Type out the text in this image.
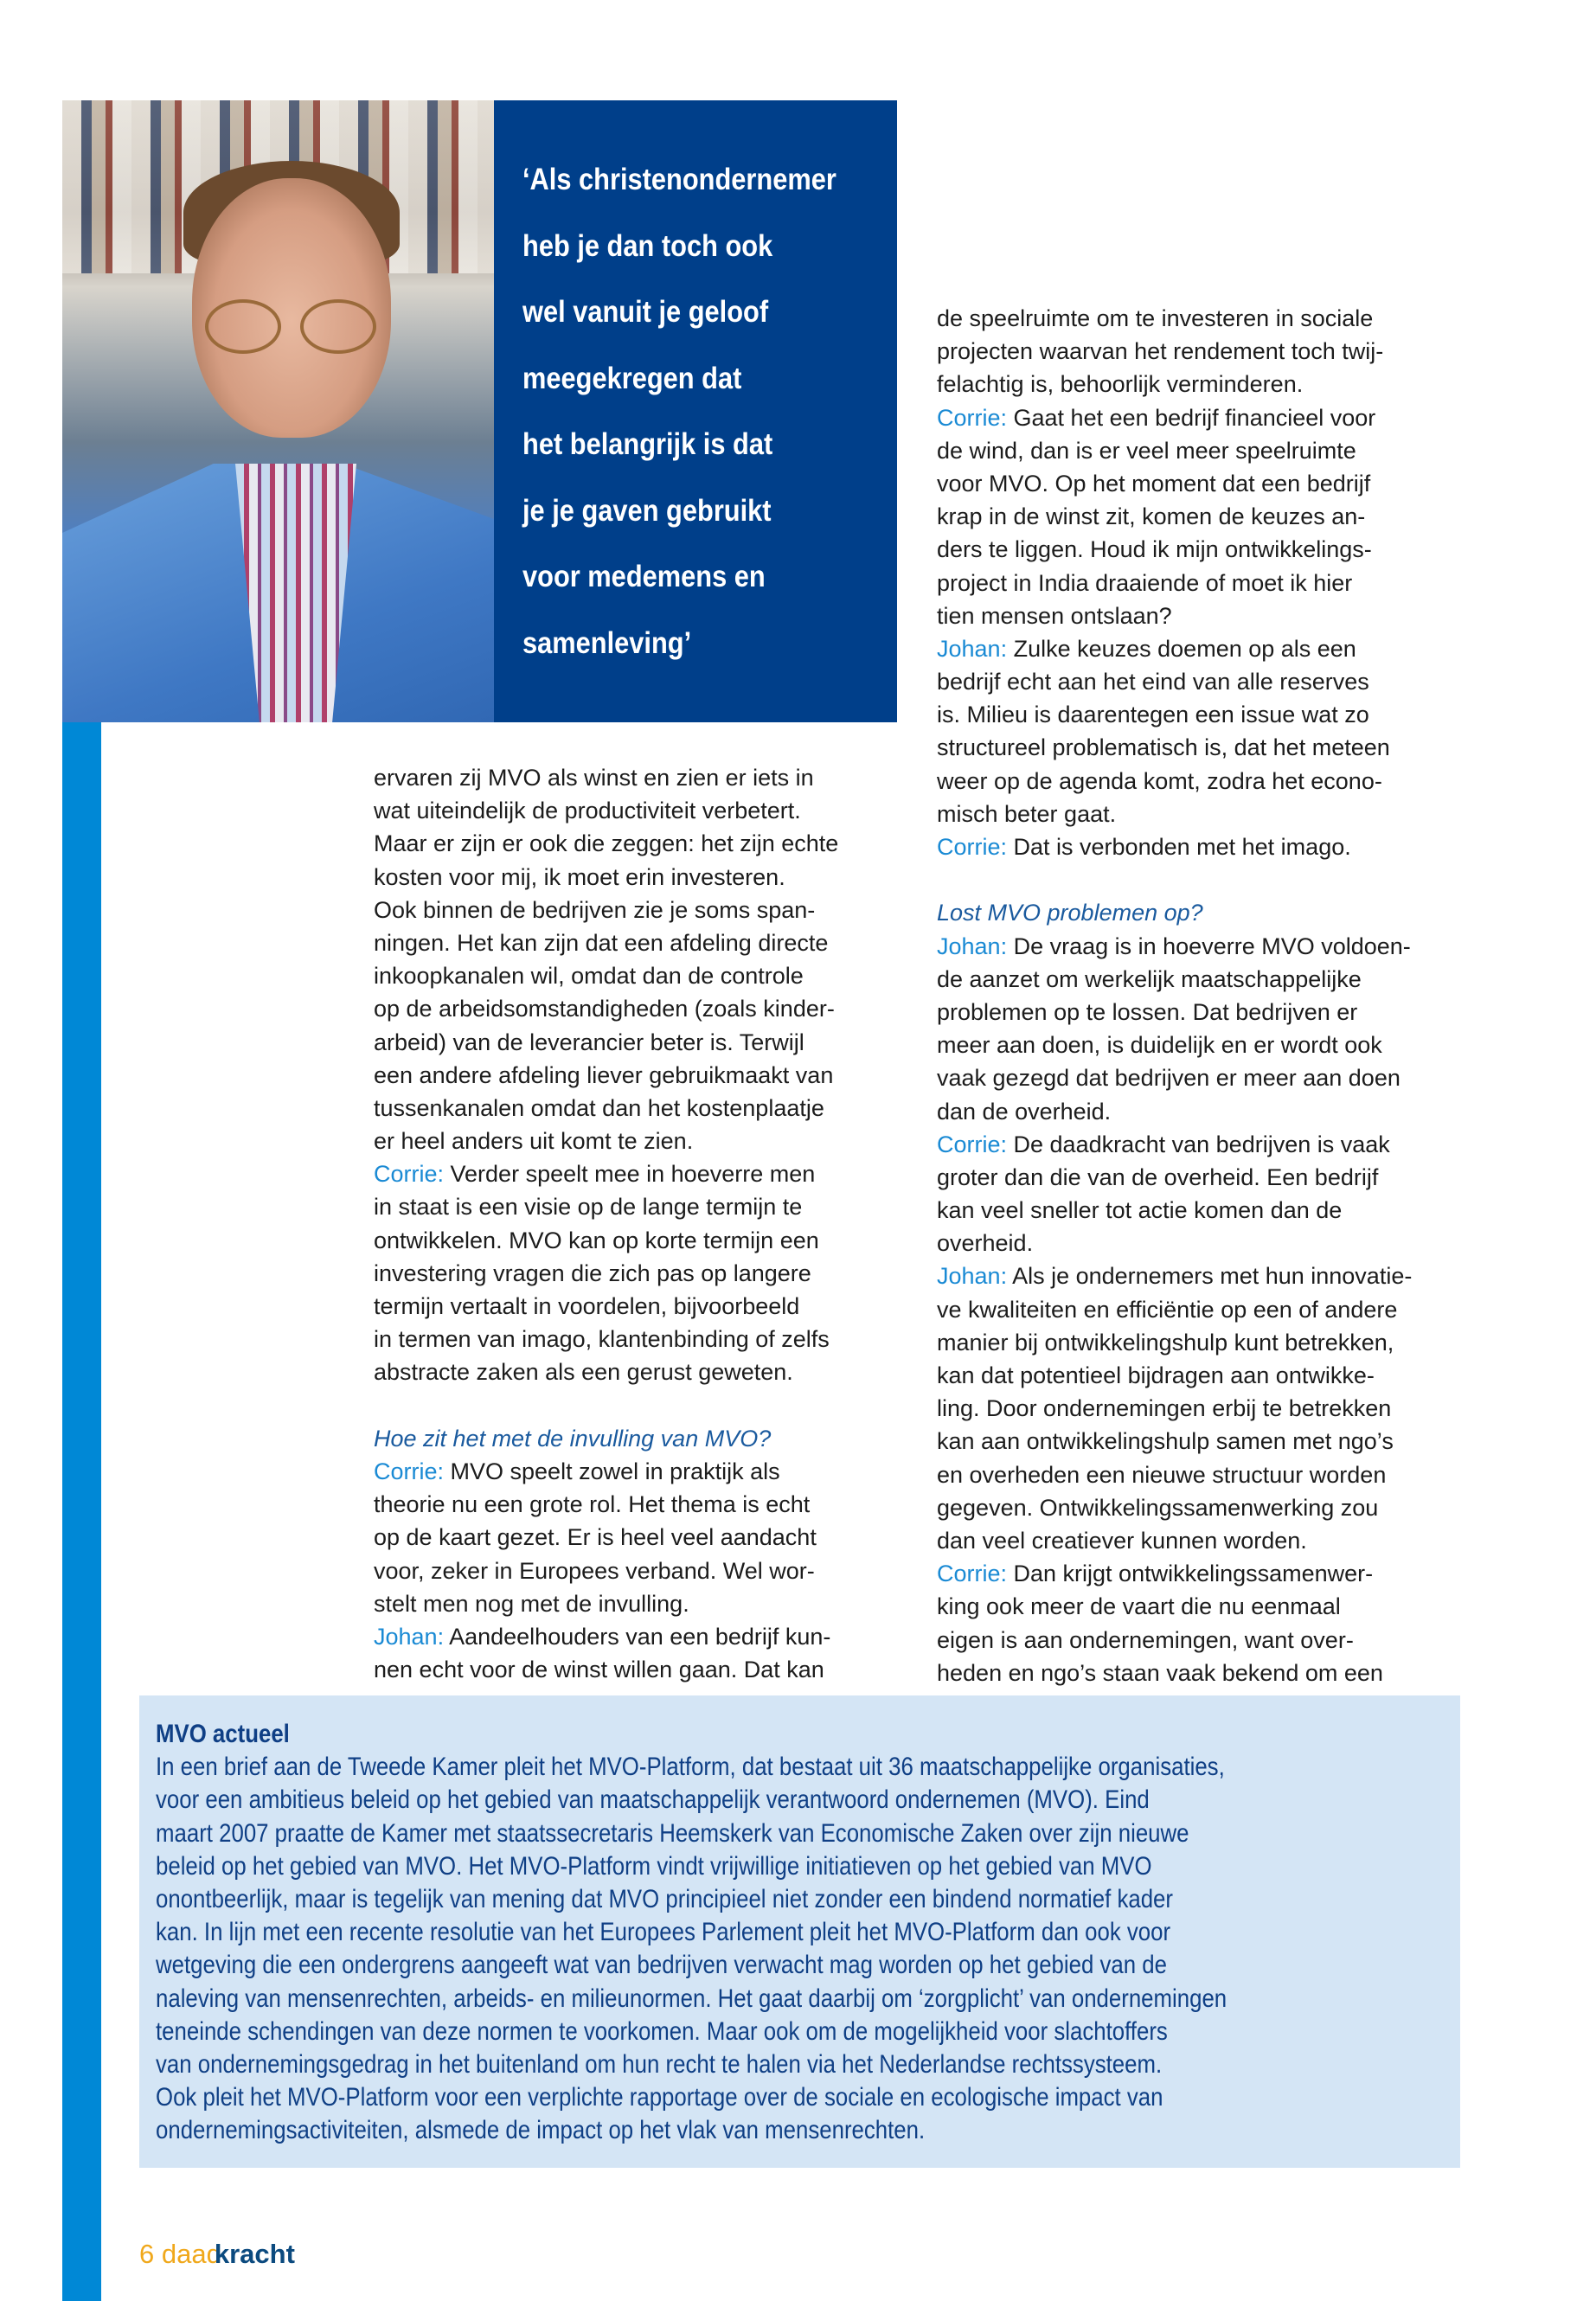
‘Als christenondernemer
heb je dan toch ook
wel vanuit je geloof
meegekregen dat
het belangrijk is dat
je je gaven gebruikt
voor medemens en
samenleving’
ervaren zij MVO als winst en zien er iets in
wat uiteindelijk de productiviteit verbetert.
Maar er zijn er ook die zeggen: het zijn echte
kosten voor mij, ik moet erin investeren.
Ook binnen de bedrijven zie je soms span-
ningen. Het kan zijn dat een afdeling directe
inkoopkanalen wil, omdat dan de controle
op de arbeidsomstandigheden (zoals kinder-
arbeid) van de leverancier beter is. Terwijl
een andere afdeling liever gebruikmaakt van
tussenkanalen omdat dan het kostenplaatje
er heel anders uit komt te zien.
Corrie: Verder speelt mee in hoeverre men
in staat is een visie op de lange termijn te
ontwikkelen. MVO kan op korte termijn een
investering vragen die zich pas op langere
termijn vertaalt in voordelen, bijvoorbeeld
in termen van imago, klantenbinding of zelfs
abstracte zaken als een gerust geweten.
Hoe zit het met de invulling van MVO?
Corrie: MVO speelt zowel in praktijk als
theorie nu een grote rol. Het thema is echt
op de kaart gezet. Er is heel veel aandacht
voor, zeker in Europees verband. Wel wor-
stelt men nog met de invulling.
Johan: Aandeelhouders van een bedrijf kun-
nen echt voor de winst willen gaan. Dat kan
de speelruimte om te investeren in sociale
projecten waarvan het rendement toch twij-
felachtig is, behoorlijk verminderen.
Corrie: Gaat het een bedrijf financieel voor
de wind, dan is er veel meer speelruimte
voor MVO. Op het moment dat een bedrijf
krap in de winst zit, komen de keuzes an-
ders te liggen. Houd ik mijn ontwikkelings-
project in India draaiende of moet ik hier
tien mensen ontslaan?
Johan: Zulke keuzes doemen op als een
bedrijf echt aan het eind van alle reserves
is. Milieu is daarentegen een issue wat zo
structureel problematisch is, dat het meteen
weer op de agenda komt, zodra het econo-
misch beter gaat.
Corrie: Dat is verbonden met het imago.
Lost MVO problemen op?
Johan: De vraag is in hoeverre MVO voldoen-
de aanzet om werkelijk maatschappelijke
problemen op te lossen. Dat bedrijven er
meer aan doen, is duidelijk en er wordt ook
vaak gezegd dat bedrijven er meer aan doen
dan de overheid.
Corrie: De daadkracht van bedrijven is vaak
groter dan die van de overheid. Een bedrijf
kan veel sneller tot actie komen dan de
overheid.
Johan: Als je ondernemers met hun innovatie-
ve kwaliteiten en efficiëntie op een of andere
manier bij ontwikkelingshulp kunt betrekken,
kan dat potentieel bijdragen aan ontwikke-
ling. Door ondernemingen erbij te betrekken
kan aan ontwikkelingshulp samen met ngo’s
en overheden een nieuwe structuur worden
gegeven. Ontwikkelingssamenwerking zou
dan veel creatiever kunnen worden.
Corrie: Dan krijgt ontwikkelingssamenwer-
king ook meer de vaart die nu eenmaal
eigen is aan ondernemingen, want over-
heden en ngo’s staan vaak bekend om een
MVO actueel
In een brief aan de Tweede Kamer pleit het MVO-Platform, dat bestaat uit 36 maatschappelijke organisaties,
voor een ambitieus beleid op het gebied van maatschappelijk verantwoord ondernemen (MVO). Eind
maart 2007 praatte de Kamer met staatssecretaris Heemskerk van Economische Zaken over zijn nieuwe
beleid op het gebied van MVO. Het MVO-Platform vindt vrijwillige initiatieven op het gebied van MVO
onontbeerlijk, maar is tegelijk van mening dat MVO principieel niet zonder een bindend normatief kader
kan. In lijn met een recente resolutie van het Europees Parlement pleit het MVO-Platform dan ook voor
wetgeving die een ondergrens aangeeft wat van bedrijven verwacht mag worden op het gebied van de
naleving van mensenrechten, arbeids- en milieunormen. Het gaat daarbij om ‘zorgplicht’ van ondernemingen
teneinde schendingen van deze normen te voorkomen. Maar ook om de mogelijkheid voor slachtoffers
van ondernemingsgedrag in het buitenland om hun recht te halen via het Nederlandse rechtssysteem.
Ook pleit het MVO-Platform voor een verplichte rapportage over de sociale en ecologische impact van
ondernemingsactiviteiten, alsmede de impact op het vlak van mensenrechten.
6 daadkracht
